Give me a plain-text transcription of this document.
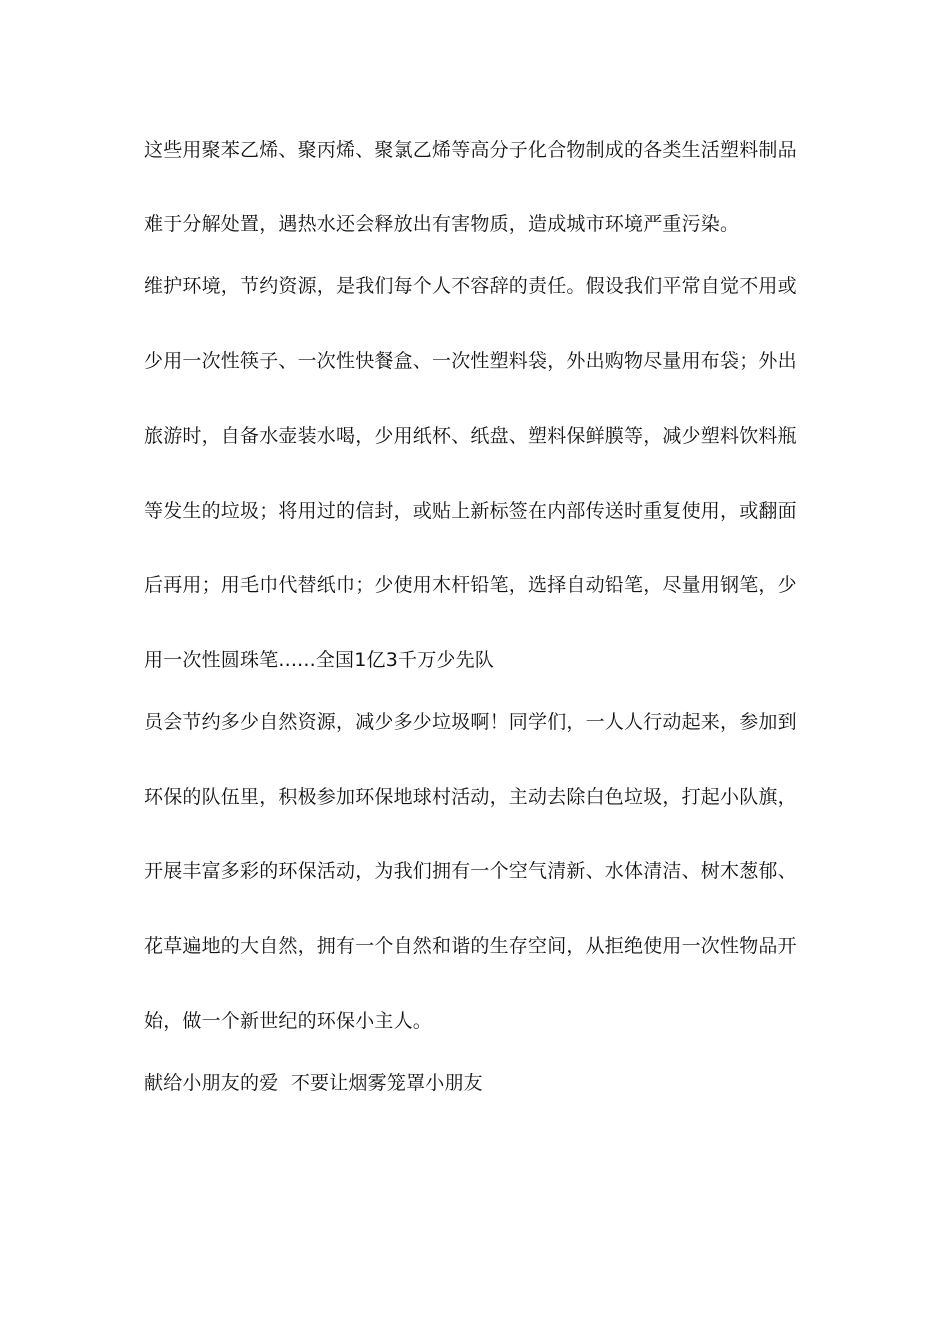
这些用聚苯乙烯、聚丙烯、聚氯乙烯等高分子化合物制成的各类生活塑料制品
难于分解处置，遇热水还会释放出有害物质，造成城市环境严重污染。
维护环境，节约资源，是我们每个人不容辞的责任。假设我们平常自觉不用或
少用一次性筷子、一次性快餐盒、一次性塑料袋，外出购物尽量用布袋；外出
旅游时，自备水壶装水喝，少用纸杯、纸盘、塑料保鲜膜等，减少塑料饮料瓶
等发生的垃圾；将用过的信封，或贴上新标签在内部传送时重复使用，或翻面
后再用；用毛巾代替纸巾；少使用木杆铅笔，选择自动铅笔，尽量用钢笔，少
用一次性圆珠笔......全国1亿3千万少先队
员会节约多少自然资源，减少多少垃圾啊！同学们，一人人行动起来，参加到
环保的队伍里，积极参加环保地球村活动，主动去除白色垃圾，打起小队旗，
开展丰富多彩的环保活动，为我们拥有一个空气清新、水体清洁、树木葱郁、
花草遍地的大自然，拥有一个自然和谐的生存空间，从拒绝使用一次性物品开
始，做一个新世纪的环保小主人。
献给小朋友的爱  不要让烟雾笼罩小朋友
